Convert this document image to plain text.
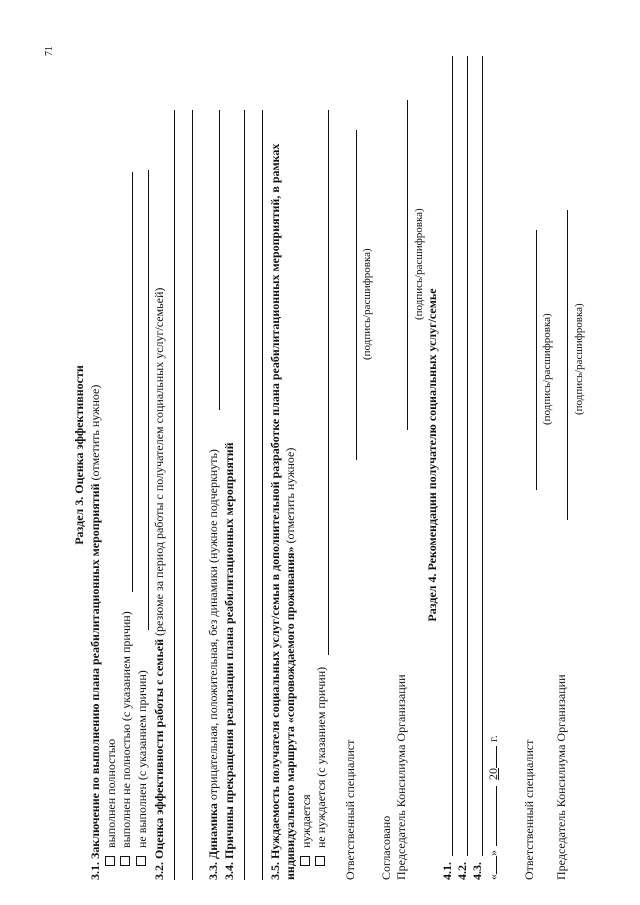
71
Раздел 3. Оценка эффективности
3.1. Заключение по выполнению плана реабилитационных мероприятий (отметить нужное)
выполнен полностью выполнен не полностью (с указанием причин) не выполнен (с указанием причин) 3.2. Оценка эффективности работы с семьей (резюме за период работы с получателем социальных услуг/семьей)
3.3. Динамика отрицательная, положительная, без динамики (нужное подчеркнуть) 3.4. Причины прекращения реализации плана реабилитационных мероприятий	3.5. Нуждаемость получателя социальных услуг/семьи в дополнительной разработке плана реабилитационных мероприятий, в рамках индивидуального маршрута «сопровождаемого проживания» (отметить нужное)
нуждается не нуждается (с указанием причин) Ответственный специалист
(подпись/расшифровка)
Согласовано Председатель Консилиума Организации
(подпись/расшифровка)
Раздел 4. Рекомендации получателю социальных услуг/семье
4.1. 4.2. 4.3. «»20г.
Ответственный специалист
(подпись/расшифровка)
Председатель Консилиума Организации
(подпись/расшифровка)
